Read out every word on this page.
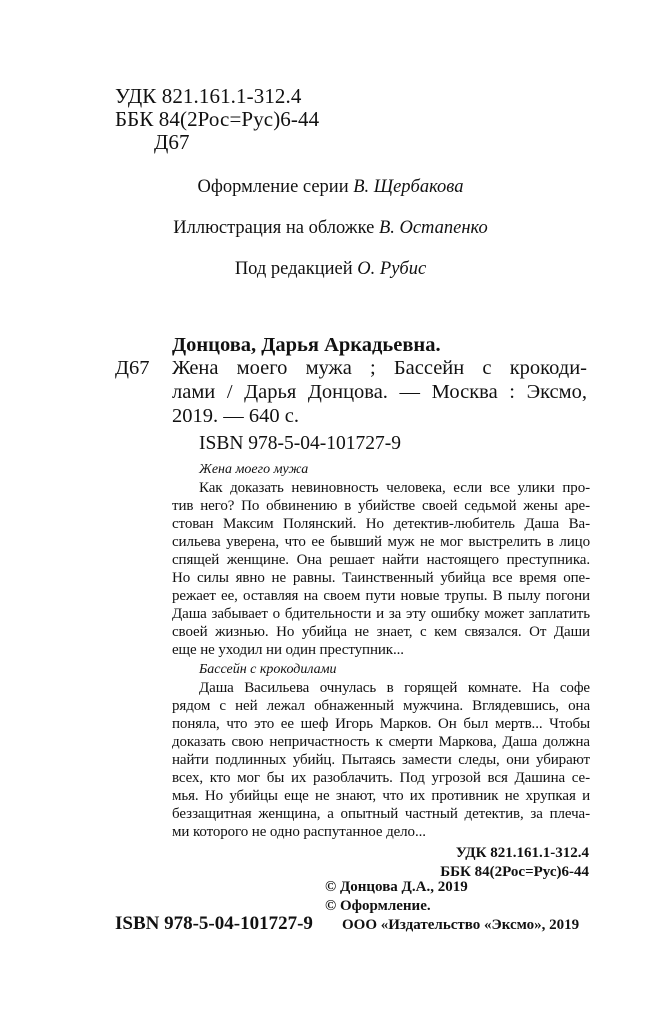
УДК 821.161.1-312.4
ББК 84(2Рос=Рус)6-44
Д67
Оформление серии В. Щербакова
Иллюстрация на обложке В. Остапенко
Под редакцией О. Рубис
Донцова, Дарья Аркадьевна.
Д67 Жена моего мужа ; Бассейн с крокоди-
лами / Дарья Донцова. — Москва : Эксмо,
2019. — 640 с.
ISBN 978-5-04-101727-9
Жена моего мужа
Как доказать невиновность человека, если все улики про-
тив него? По обвинению в убийстве своей седьмой жены аре-
стован Максим Полянский. Но детектив-любитель Даша Ва-
сильева уверена, что ее бывший муж не мог выстрелить в лицо
спящей женщине. Она решает найти настоящего преступника.
Но силы явно не равны. Таинственный убийца все время опе-
режает ее, оставляя на своем пути новые трупы. В пылу погони
Даша забывает о бдительности и за эту ошибку может заплатить
своей жизнью. Но убийца не знает, с кем связался. От Даши
еще не уходил ни один преступник...
Бассейн с крокодилами
Даша Васильева очнулась в горящей комнате. На софе
рядом с ней лежал обнаженный мужчина. Вглядевшись, она
поняла, что это ее шеф Игорь Марков. Он был мертв... Чтобы
доказать свою непричастность к смерти Маркова, Даша должна
найти подлинных убийц. Пытаясь замести следы, они убирают
всех, кто мог бы их разоблачить. Под угрозой вся Дашина се-
мья. Но убийцы еще не знают, что их противник не хрупкая и
беззащитная женщина, а опытный частный детектив, за плеча-
ми которого не одно распутанное дело...
УДК 821.161.1-312.4
ББК 84(2Рос=Рус)6-44
© Донцова Д.А., 2019
© Оформление.
ООО «Издательство «Эксмо», 2019
ISBN 978-5-04-101727-9
